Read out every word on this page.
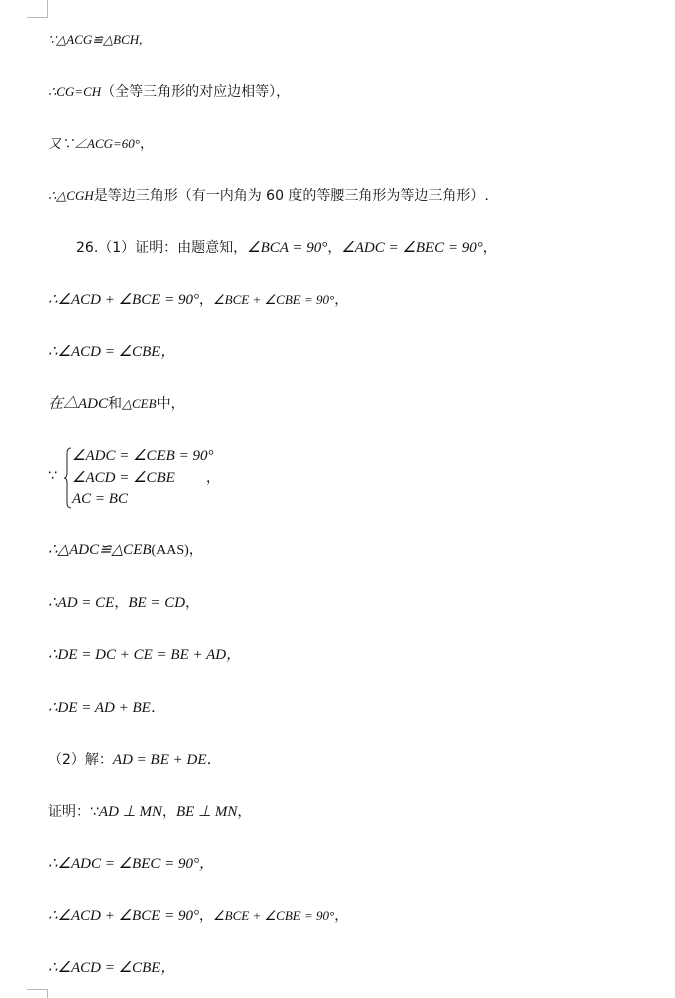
∵△ACG≌△BCH,
∴CG=CH（全等三角形的对应边相等），
又∵∠ACG=60°，
∴△CGH是等边三角形（有一内角为 60 度的等腰三角形为等边三角形）.
26.（1）证明：由题意知，∠BCA = 90°，∠ADC = ∠BEC = 90°，
∴∠ACD + ∠BCE = 90°，∠BCE + ∠CBE = 90°，
∴∠ACD = ∠CBE，
在△ADC和△CEB中，
∵
∠ADC = ∠CEB = 90°
∠ACD = ∠CBE
AC = BC
，
∴△ADC≌△CEB(AAS)，
∴AD = CE，BE = CD，
∴DE = DC + CE = BE + AD，
∴DE = AD + BE．
（2）解：AD = BE + DE．
证明：∵AD ⊥ MN，BE ⊥ MN，
∴∠ADC = ∠BEC = 90°，
∴∠ACD + ∠BCE = 90°，∠BCE + ∠CBE = 90°，
∴∠ACD = ∠CBE，
